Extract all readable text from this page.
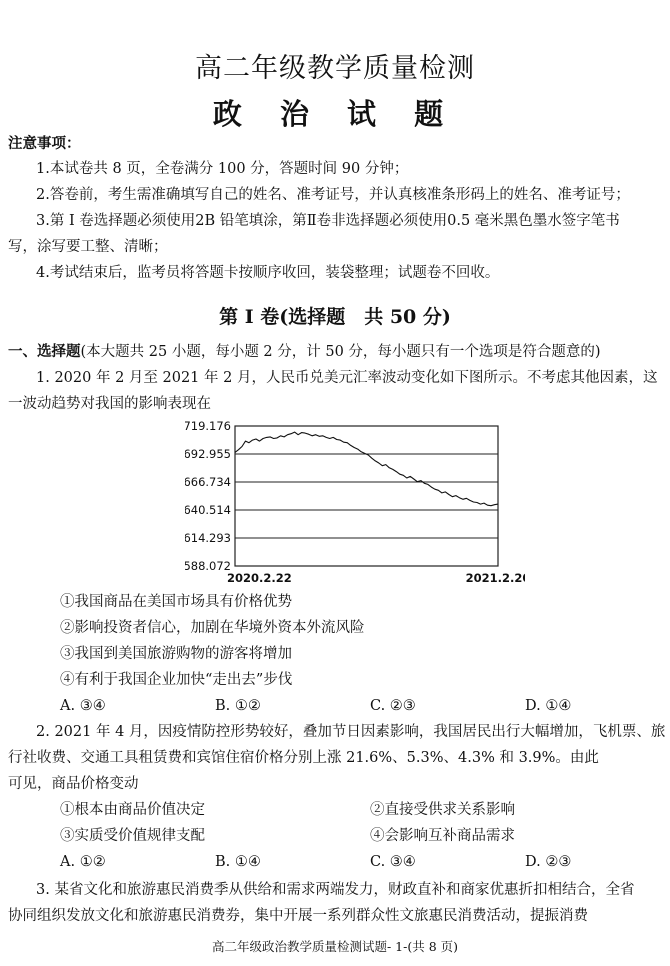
高二年级教学质量检测
政 治 试 题
注意事项：
1.本试卷共 8 页，全卷满分 100 分，答题时间 90 分钟；
2.答卷前，考生需准确填写自己的姓名、准考证号，并认真核准条形码上的姓名、准考证号；
3.第 Ⅰ 卷选择题必须使用2B 铅笔填涂，第Ⅱ卷非选择题必须使用0.5 毫米黑色墨水签字笔书
写，涂写要工整、清晰；
4.考试结束后，监考员将答题卡按顺序收回，装袋整理；试题卷不回收。
第 Ⅰ 卷(选择题　共 50 分)
一、选择题(本大题共 25 小题，每小题 2 分，计 50 分，每小题只有一个选项是符合题意的)
1. 2020 年 2 月至 2021 年 2 月，人民币兑美元汇率波动变化如下图所示。不考虑其他因素，这
一波动趋势对我国的影响表现在
719.176
692.955
666.734
640.514
614.293
588.072
2020.2.22	2021.2.20
①我国商品在美国市场具有价格优势
②影响投资者信心，加剧在华境外资本外流风险
③我国到美国旅游购物的游客将增加
④有利于我国企业加快“走出去”步伐
A. ③④	B. ①②	C. ②③	D. ①④
2. 2021 年 4 月，因疫情防控形势较好，叠加节日因素影响，我国居民出行大幅增加，飞机票、旅
行社收费、交通工具租赁费和宾馆住宿价格分别上涨 21.6%、5.3%、4.3% 和 3.9%。由此
可见，商品价格变动
①根本由商品价值决定	②直接受供求关系影响
③实质受价值规律支配	④会影响互补商品需求
A. ①②	B. ①④	C. ③④	D. ②③
3. 某省文化和旅游惠民消费季从供给和需求两端发力，财政直补和商家优惠折扣相结合，全省
协同组织发放文化和旅游惠民消费券，集中开展一系列群众性文旅惠民消费活动，提振消费
高二年级政治教学质量检测试题- 1-(共 8 页)
